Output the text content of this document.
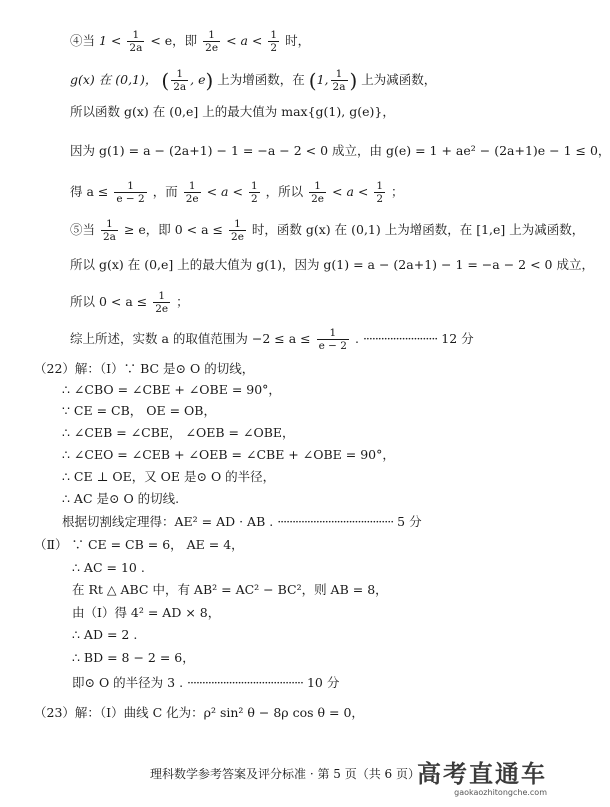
④当 $1 < \frac{1}{2a} < e$，即 $\frac{1}{2e} < a < \frac{1}{2}$ 时，
g(x) 在 (0,1)， ( $\frac{1}{2a}$ , e) 上为增函数，在 (1, $\frac{1}{2a}$ ) 上为减函数，
所以函数 g(x) 在 (0,e] 上的最大值为 max{g(1), g(e)}，
因为 g(1) = a − (2a+1) − 1 = −a − 2 < 0 成立，由 g(e) = 1 + ae² − (2a+1)e − 1 ≤ 0，
得 $a \le \frac{1}{e - 2}$ ，而 $\frac{1}{2e} < a < \frac{1}{2}$ ，所以 $\frac{1}{2e} < a < \frac{1}{2}$ ；
⑤当 $\frac{1}{2a} \ge e$，即 $0 < a \le \frac{1}{2e}$ 时，函数 g(x) 在 (0,1) 上为增函数，在 [1,e] 上为减函数，
所以 g(x) 在 (0,e] 上的最大值为 g(1)，因为 g(1) = a − (2a+1) − 1 = −a − 2 < 0 成立，
所以 $0 < a \le \frac{1}{2e}$ ；
综上所述，实数 a 的取值范围为 $-2 \le a \le \frac{1}{e - 2}$ . ························· 12 分
（22）解：（Ⅰ）∵ BC 是⊙ O 的切线，
∴ ∠CBO = ∠CBE + ∠OBE = 90°，
∵ CE = CB， OE = OB，
∴ ∠CEB = ∠CBE， ∠OEB = ∠OBE，
∴ ∠CEO = ∠CEB + ∠OEB = ∠CBE + ∠OBE = 90°，
∴ CE ⊥ OE，又 OE 是⊙ O 的半径，
∴ AC 是⊙ O 的切线.
根据切割线定理得：AE² = AD · AB . ······································· 5 分
（Ⅱ） ∵ CE = CB = 6， AE = 4，
∴ AC = 10 .
在 Rt △ ABC 中，有 AB² = AC² − BC²，则 AB = 8，
由（Ⅰ）得 4² = AD × 8，
∴ AD = 2 .
∴ BD = 8 − 2 = 6，
即⊙ O 的半径为 3 . ······································· 10 分
（23）解：（Ⅰ）曲线 C 化为：ρ² sin² θ − 8ρ cos θ = 0，
理科数学参考答案及评分标准 · 第 5 页（共 6 页）
高考直通车
gaokaozhitongche.com
